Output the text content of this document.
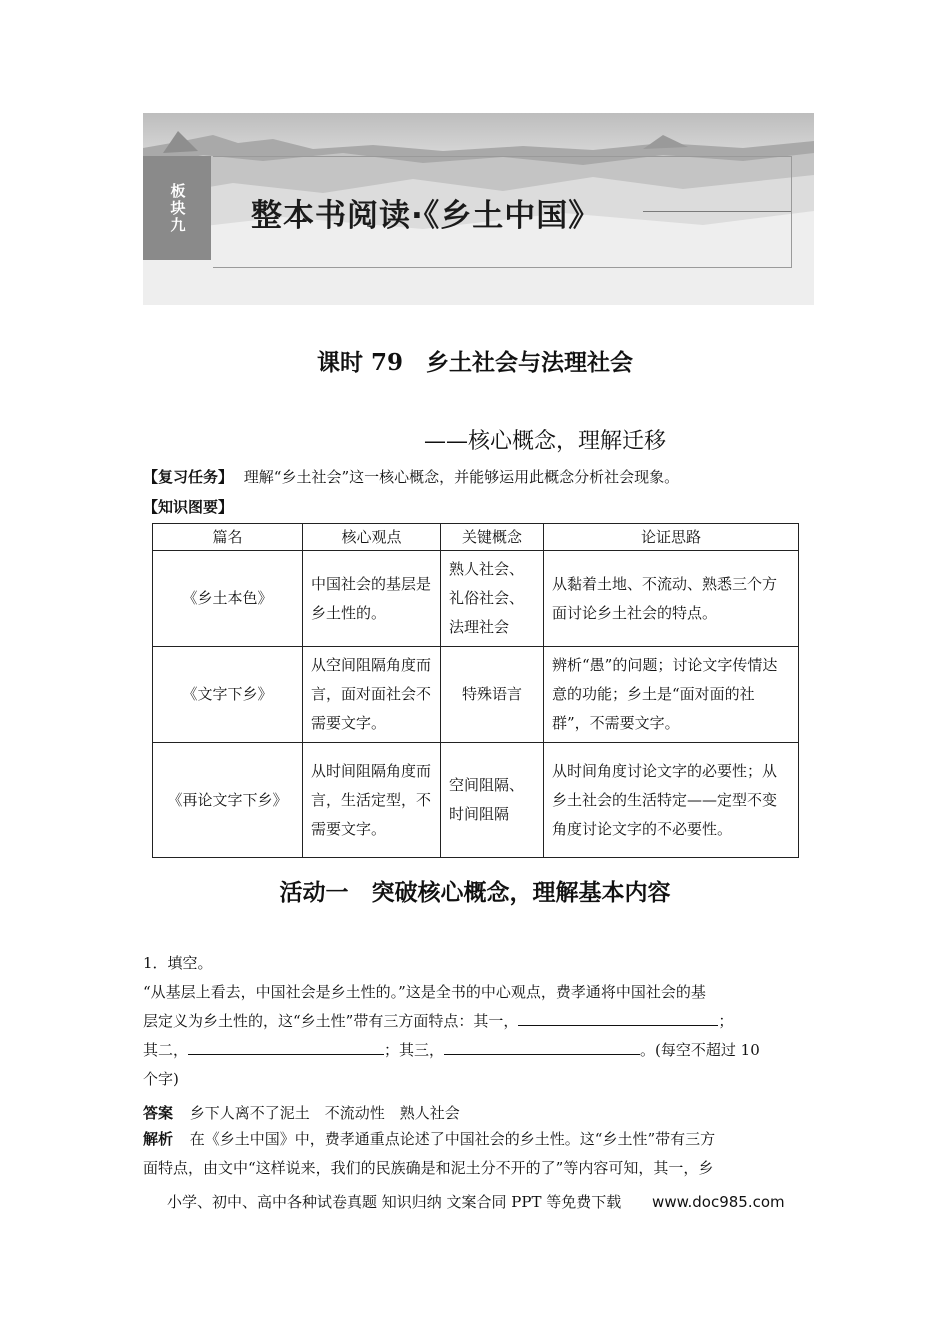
板块九	整本书阅读·《乡土中国》
课时 79　乡土社会与法理社会
——核心概念，理解迁移
【复习任务】 理解“乡土社会”这一核心概念，并能够运用此概念分析社会现象。
【知识图要】
篇名	核心观点	关键概念	论证思路
《乡土本色》	中国社会的基层是乡土性的。	熟人社会、礼俗社会、法理社会	从黏着土地、不流动、熟悉三个方面讨论乡土社会的特点。
《文字下乡》	从空间阻隔角度而言，面对面社会不需要文字。	特殊语言	辨析“愚”的问题；讨论文字传情达意的功能；乡土是“面对面的社群”，不需要文字。
《再论文字下乡》	从时间阻隔角度而言，生活定型，不需要文字。	空间阻隔、时间阻隔	从时间角度讨论文字的必要性；从乡土社会的生活特定——定型不变角度讨论文字的不必要性。
活动一　突破核心概念，理解基本内容
1．填空。
“从基层上看去，中国社会是乡土性的。”这是全书的中心观点，费孝通将中国社会的基
层定义为乡土性的，这“乡土性”带有三方面特点：其一，	；
其二，	；其三，	。(每空不超过 10
个字)
答案 乡下人离不了泥土　不流动性　熟人社会
解析 在《乡土中国》中，费孝通重点论述了中国社会的乡土性。这“乡土性”带有三方
面特点，由文中“这样说来，我们的民族确是和泥土分不开的了”等内容可知，其一，乡
小学、初中、高中各种试卷真题 知识归纳 文案合同 PPT 等免费下载 www.doc985.com
